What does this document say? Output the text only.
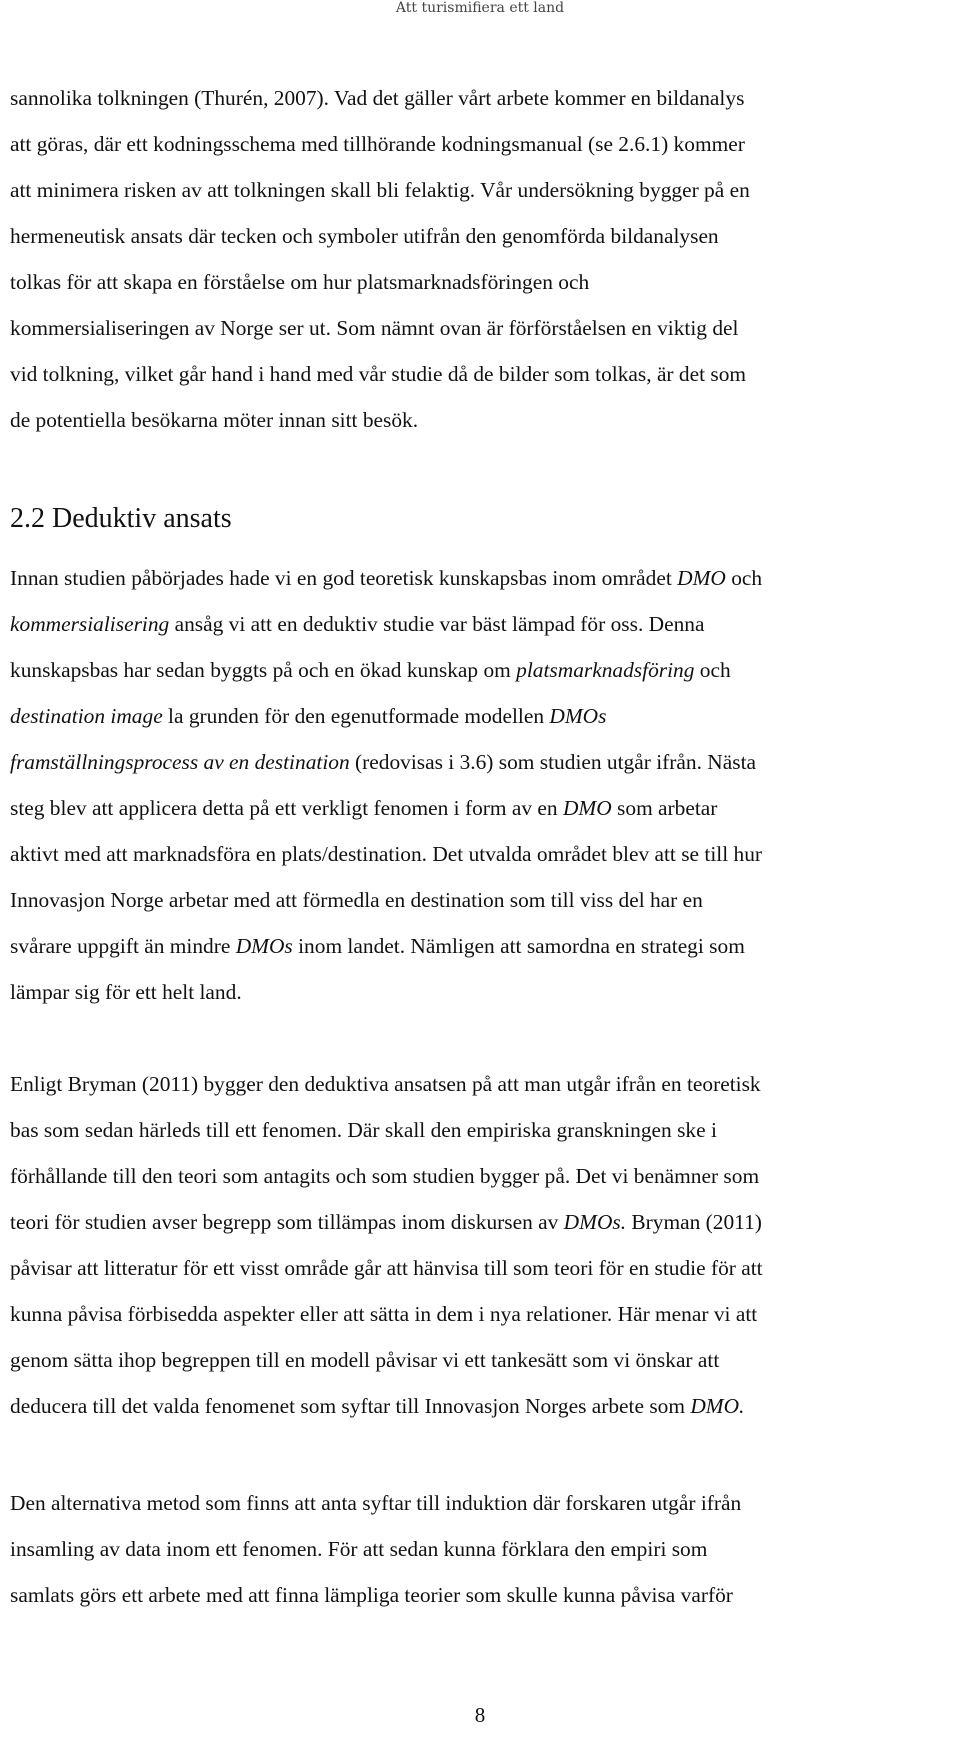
Att turismifiera ett land

sannolika tolkningen (Thurén, 2007). Vad det gäller vårt arbete kommer en bildanalys
att göras, där ett kodningsschema med tillhörande kodningsmanual (se 2.6.1) kommer
att minimera risken av att tolkningen skall bli felaktig. Vår undersökning bygger på en
hermeneutisk ansats där tecken och symboler utifrån den genomförda bildanalysen
tolkas för att skapa en förståelse om hur platsmarknadsföringen och
kommersialiseringen av Norge ser ut. Som nämnt ovan är förförståelsen en viktig del
vid tolkning, vilket går hand i hand med vår studie då de bilder som tolkas, är det som
de potentiella besökarna möter innan sitt besök.

2.2 Deduktiv ansats

Innan studien påbörjades hade vi en god teoretisk kunskapsbas inom området DMO och
kommersialisering ansåg vi att en deduktiv studie var bäst lämpad för oss. Denna
kunskapsbas har sedan byggts på och en ökad kunskap om platsmarknadsföring och
destination image la grunden för den egenutformade modellen DMOs
framställningsprocess av en destination (redovisas i 3.6) som studien utgår ifrån. Nästa
steg blev att applicera detta på ett verkligt fenomen i form av en DMO som arbetar
aktivt med att marknadsföra en plats/destination. Det utvalda området blev att se till hur
Innovasjon Norge arbetar med att förmedla en destination som till viss del har en
svårare uppgift än mindre DMOs inom landet. Nämligen att samordna en strategi som
lämpar sig för ett helt land.

Enligt Bryman (2011) bygger den deduktiva ansatsen på att man utgår ifrån en teoretisk
bas som sedan härleds till ett fenomen. Där skall den empiriska granskningen ske i
förhållande till den teori som antagits och som studien bygger på. Det vi benämner som
teori för studien avser begrepp som tillämpas inom diskursen av DMOs. Bryman (2011)
påvisar att litteratur för ett visst område går att hänvisa till som teori för en studie för att
kunna påvisa förbisedda aspekter eller att sätta in dem i nya relationer. Här menar vi att
genom sätta ihop begreppen till en modell påvisar vi ett tankesätt som vi önskar att
deducera till det valda fenomenet som syftar till Innovasjon Norges arbete som DMO.

Den alternativa metod som finns att anta syftar till induktion där forskaren utgår ifrån
insamling av data inom ett fenomen. För att sedan kunna förklara den empiri som
samlats görs ett arbete med att finna lämpliga teorier som skulle kunna påvisa varför

8
